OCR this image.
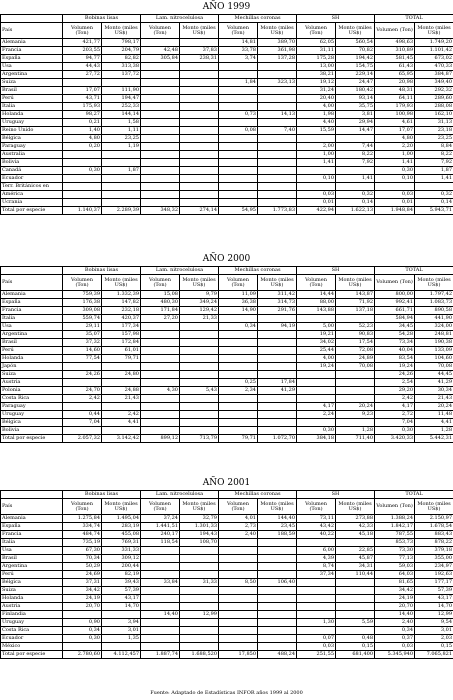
AÑO 1999
	Bobinas lisas		Lam. nitrocelulosa		Mechillas coronas		SH		TOTAL	
País	Volumen (Ton)	Monto (miles US$)	Volumen (Ton)	Monto (miles US$)	Volumen (Ton)	Monto (miles US$)	Volumen (Ton)	Monto (miles US$)	Volumen (Ton)	Monto (miles US$)
Alemania	421,77	798,17			14,81	389,70	62,05	560,54	498,63	1.749,20
Francia	203,55	204,79	42,48	37,83	33,78	361,98	31,11	70,82	310,89	1.101,42
España	94,77	82,82	305,84	238,31	3,74	137,28	175,28	194,42	581,45	673,02
Usa	44,43	313,38					13,00	154,75	61,43	470,33
Argentina	27,72	137,72					38,21	229,14	65,95	384,87
Suiza					1,84	323,13	19,12	24,47	20,98	349,40
Brasil	17,07	111,90					31,24	180,42	48,31	292,32
Perú	43,71	194,47					20,40	93,14	64,11	289,60
Italia	175,93	252,33					4,00	35,75	179,93	288,08
Holanda	98,27	144,14			0,73	14,13	1,98	3,81	100,98	162,10
Uruguay	0,21	1,58					4,40	29,94	4,61	31,13
Reino Unido	1,40	1,11			0,08	7,40	15,59	14,47	17,07	23,18
Bélgica	4,80	23,25							4,80	23,25
Paraguay	0,20	1,19					2,00	7,44	2,20	8,84
Australia							1,00	8,22	1,00	8,22
Bolivia							1,41	7,92	1,41	7,92
Canadá	0,30	1,87							0,30	1,87
Ecuador							0,10	1,41	0,10	1,41
Terr. Británicos en										
América							0,03	0,32	0,03	0,32
Ucrania							0,01	0,14	0,01	0,14
Total por especie	1.140,37	2.289,39	348,32	274,14	54,95	1.773,83	422,94	1.622,13	1.948,84	5.943,71
AÑO 2000
	Bobinas lisas		Lam. nitrocelulosa		Mechillas coronas		SH		TOTAL	
País	Volumen (Ton)	Monto (miles US$)	Volumen (Ton)	Monto (miles US$)	Volumen (Ton)	Monto (miles US$)	Volumen (Ton)	Monto (miles US$)	Volumen (Ton)	Monto (miles US$)
Alemania	759,39	1.332,39	15,08	9,79	11,09	311,42	14,44	143,87	800,00	1.797,42
España	176,38	147,82	480,30	349,24	36,38	314,73	88,00	71,92	992,41	1.083,73
Francia	309,08	232,18	171,84	129,42	14,90	291,76	143,88	137,18	661,71	890,58
Italia	559,74	420,37	27,20	21,33					584,94	441,90
Usa	29,11	177,34			0,34	94,19	5,00	52,23	34,45	324,00
Argentina	35,07	157,98					19,21	90,83	54,28	248,81
Brasil	37,32	172,84					34,02	17,54	73,34	190,38
Perú	14,60	61,01					25,44	72,08	40,04	133,09
Holanda	77,54	79,71					4,00	24,89	83,54	104,60
Japón							19,24	70,08	19,24	70,08
Suiza	24,26	24,80							24,26	44,45
Austria					0,25	17,84			2,54	41,29
Polonia	24,70	24,88	4,30	5,43	2,34	41,29			29,20	30,34
Costa Rica	2,42	21,43							2,42	21,43
Paraguay							4,17	20,24	4,17	20,24
Uruguay	0,44	2,42					2,24	9,23	2,72	11,48
Bélgica	7,04	4,41							7,04	4,41
Bolivia							0,30	1,28	0,30	1,28
Total por especie	2.057,32	3.142,42	899,12	713,79	79,71	1.072,70	384,18	711,40	3.420,33	5.442,31
AÑO 2001
	Bobinas lisas		Lam. nitrocelulosa		Mechillas coronas		SH		TOTAL	
País	Volumen (Ton)	Monto (miles US$)	Volumen (Ton)	Monto (miles US$)	Volumen (Ton)	Monto (miles US$)	Volumen (Ton)	Monto (miles US$)	Volumen (Ton)	Monto (miles US$)
Alemania	1.275,84	1.495,04	37,24	32,79	4,01	144,40	73,11	273,88	1.388,24	2.150,97
España	334,74	283,19	1.441,51	1.301,33	2,73	23,45	43,42	42,33	1.842,17	1.678,54
Francia	484,74	455,08	240,17	194,43	2,40	188,59	40,22	45,18	787,55	883,43
Italia	735,19	769,31	118,54	108,70					853,73	878,22
Usa	67,30	331,33					6,00	22,85	73,30	379,18
Brasil	70,34	309,12					4,39	45,87	77,13	355,00
Argentina	50,29	200,44					8,74	34,31	59,03	234,97
Perú	24,69	82,19					37,34	110,44	64,03	192,63
Bélgica	37,31	39,43	33,84	31,33	8,50	106,40			81,65	177,17
Suiza	34,42	57,39							34,42	57,39
Holanda	24,19	43,17							24,19	43,17
Austria	20,70	14,70							20,70	14,70
Finlandia			14,40	12,99					14,40	12,99
Uruguay	0,90	3,94					1,30	5,59	2,40	9,54
Costa Rica	0,34	3,01							0,34	3,01
Ecuador	0,30	1,35					0,07	0,48	0,37	2,03
México							0,03	0,15	0,03	0,15
Total por especie	2.780,60	4.112,457	1.887,74	1.688,520	17,850	488,24	251,55	681,400	5.345,940	7.065,821
Fuente: Adaptado de Estadísticas INFOR años 1999 al 2000
